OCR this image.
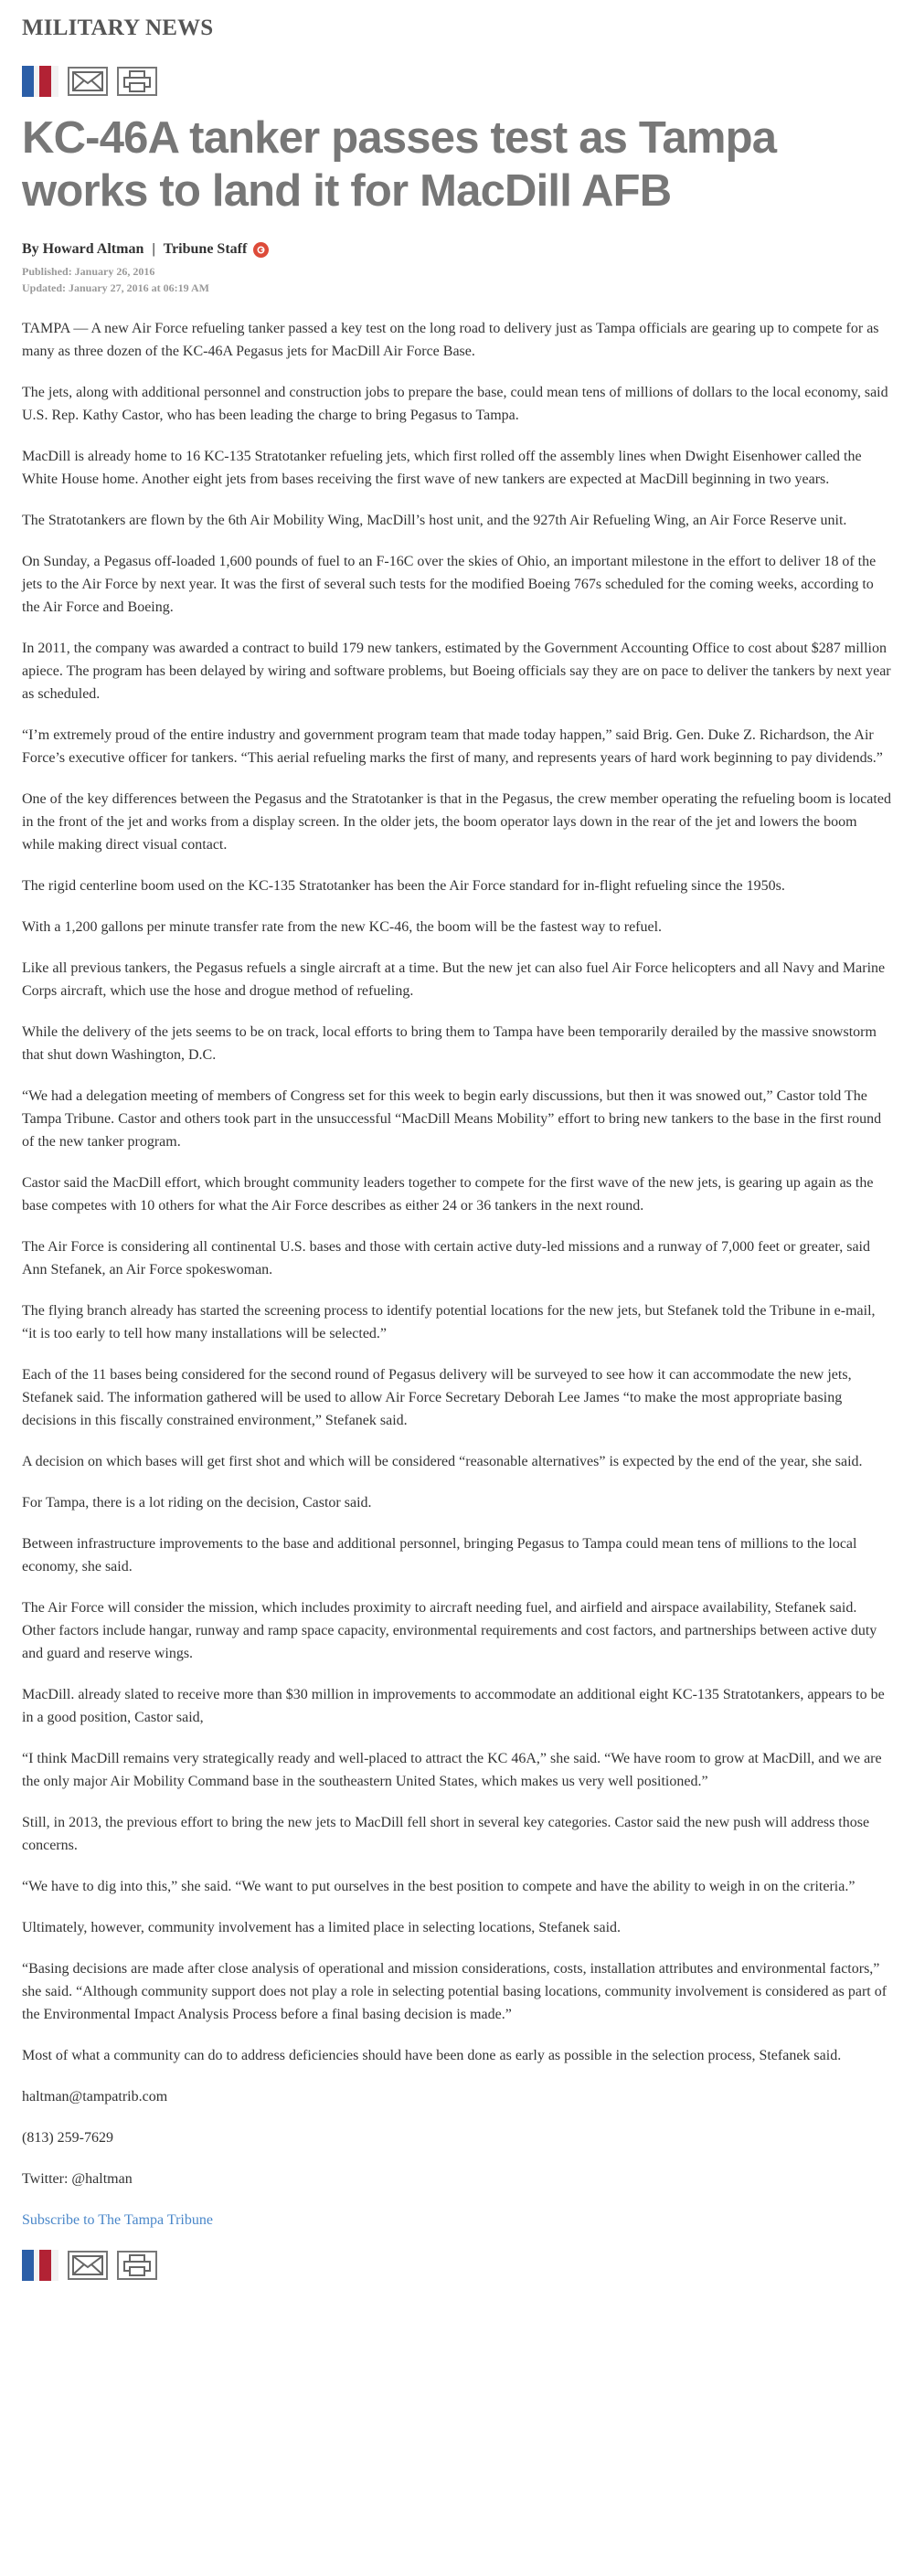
MILITARY NEWS
KC-46A tanker passes test as Tampa works to land it for MacDill AFB
By Howard Altman | Tribune Staff
Published: January 26, 2016
Updated: January 27, 2016 at 06:19 AM

TAMPA — A new Air Force refueling tanker passed a key test on the long road to delivery just as Tampa officials are gearing up to compete for as many as three dozen of the KC-46A Pegasus jets for MacDill Air Force Base.

The jets, along with additional personnel and construction jobs to prepare the base, could mean tens of millions of dollars to the local economy, said U.S. Rep. Kathy Castor, who has been leading the charge to bring Pegasus to Tampa.

MacDill is already home to 16 KC-135 Stratotanker refueling jets, which first rolled off the assembly lines when Dwight Eisenhower called the White House home. Another eight jets from bases receiving the first wave of new tankers are expected at MacDill beginning in two years.

The Stratotankers are flown by the 6th Air Mobility Wing, MacDill’s host unit, and the 927th Air Refueling Wing, an Air Force Reserve unit.

On Sunday, a Pegasus off-loaded 1,600 pounds of fuel to an F-16C over the skies of Ohio, an important milestone in the effort to deliver 18 of the jets to the Air Force by next year. It was the first of several such tests for the modified Boeing 767s scheduled for the coming weeks, according to the Air Force and Boeing.

In 2011, the company was awarded a contract to build 179 new tankers, estimated by the Government Accounting Office to cost about $287 million apiece. The program has been delayed by wiring and software problems, but Boeing officials say they are on pace to deliver the tankers by next year as scheduled.

“I’m extremely proud of the entire industry and government program team that made today happen,” said Brig. Gen. Duke Z. Richardson, the Air Force’s executive officer for tankers. “This aerial refueling marks the first of many, and represents years of hard work beginning to pay dividends.”

One of the key differences between the Pegasus and the Stratotanker is that in the Pegasus, the crew member operating the refueling boom is located in the front of the jet and works from a display screen. In the older jets, the boom operator lays down in the rear of the jet and lowers the boom while making direct visual contact.

The rigid centerline boom used on the KC-135 Stratotanker has been the Air Force standard for in-flight refueling since the 1950s.

With a 1,200 gallons per minute transfer rate from the new KC-46, the boom will be the fastest way to refuel.

Like all previous tankers, the Pegasus refuels a single aircraft at a time. But the new jet can also fuel Air Force helicopters and all Navy and Marine Corps aircraft, which use the hose and drogue method of refueling.

While the delivery of the jets seems to be on track, local efforts to bring them to Tampa have been temporarily derailed by the massive snowstorm that shut down Washington, D.C.

“We had a delegation meeting of members of Congress set for this week to begin early discussions, but then it was snowed out,” Castor told The Tampa Tribune. Castor and others took part in the unsuccessful “MacDill Means Mobility” effort to bring new tankers to the base in the first round of the new tanker program.

Castor said the MacDill effort, which brought community leaders together to compete for the first wave of the new jets, is gearing up again as the base competes with 10 others for what the Air Force describes as either 24 or 36 tankers in the next round.

The Air Force is considering all continental U.S. bases and those with certain active duty-led missions and a runway of 7,000 feet or greater, said Ann Stefanek, an Air Force spokeswoman.

The flying branch already has started the screening process to identify potential locations for the new jets, but Stefanek told the Tribune in e-mail, “it is too early to tell how many installations will be selected.”

Each of the 11 bases being considered for the second round of Pegasus delivery will be surveyed to see how it can accommodate the new jets, Stefanek said. The information gathered will be used to allow Air Force Secretary Deborah Lee James “to make the most appropriate basing decisions in this fiscally constrained environment,” Stefanek said.

A decision on which bases will get first shot and which will be considered “reasonable alternatives” is expected by the end of the year, she said.

For Tampa, there is a lot riding on the decision, Castor said.

Between infrastructure improvements to the base and additional personnel, bringing Pegasus to Tampa could mean tens of millions to the local economy, she said.

The Air Force will consider the mission, which includes proximity to aircraft needing fuel, and airfield and airspace availability, Stefanek said. Other factors include hangar, runway and ramp space capacity, environmental requirements and cost factors, and partnerships between active duty and guard and reserve wings.

MacDill. already slated to receive more than $30 million in improvements to accommodate an additional eight KC-135 Stratotankers, appears to be in a good position, Castor said,

“I think MacDill remains very strategically ready and well-placed to attract the KC 46A,” she said. “We have room to grow at MacDill, and we are the only major Air Mobility Command base in the southeastern United States, which makes us very well positioned.”

Still, in 2013, the previous effort to bring the new jets to MacDill fell short in several key categories. Castor said the new push will address those concerns.

“We have to dig into this,” she said. “We want to put ourselves in the best position to compete and have the ability to weigh in on the criteria.”

Ultimately, however, community involvement has a limited place in selecting locations, Stefanek said.

“Basing decisions are made after close analysis of operational and mission considerations, costs, installation attributes and environmental factors,” she said. “Although community support does not play a role in selecting potential basing locations, community involvement is considered as part of the Environmental Impact Analysis Process before a final basing decision is made.”

Most of what a community can do to address deficiencies should have been done as early as possible in the selection process, Stefanek said.

haltman@tampatrib.com

(813) 259-7629

Twitter: @haltman

Subscribe to The Tampa Tribune
